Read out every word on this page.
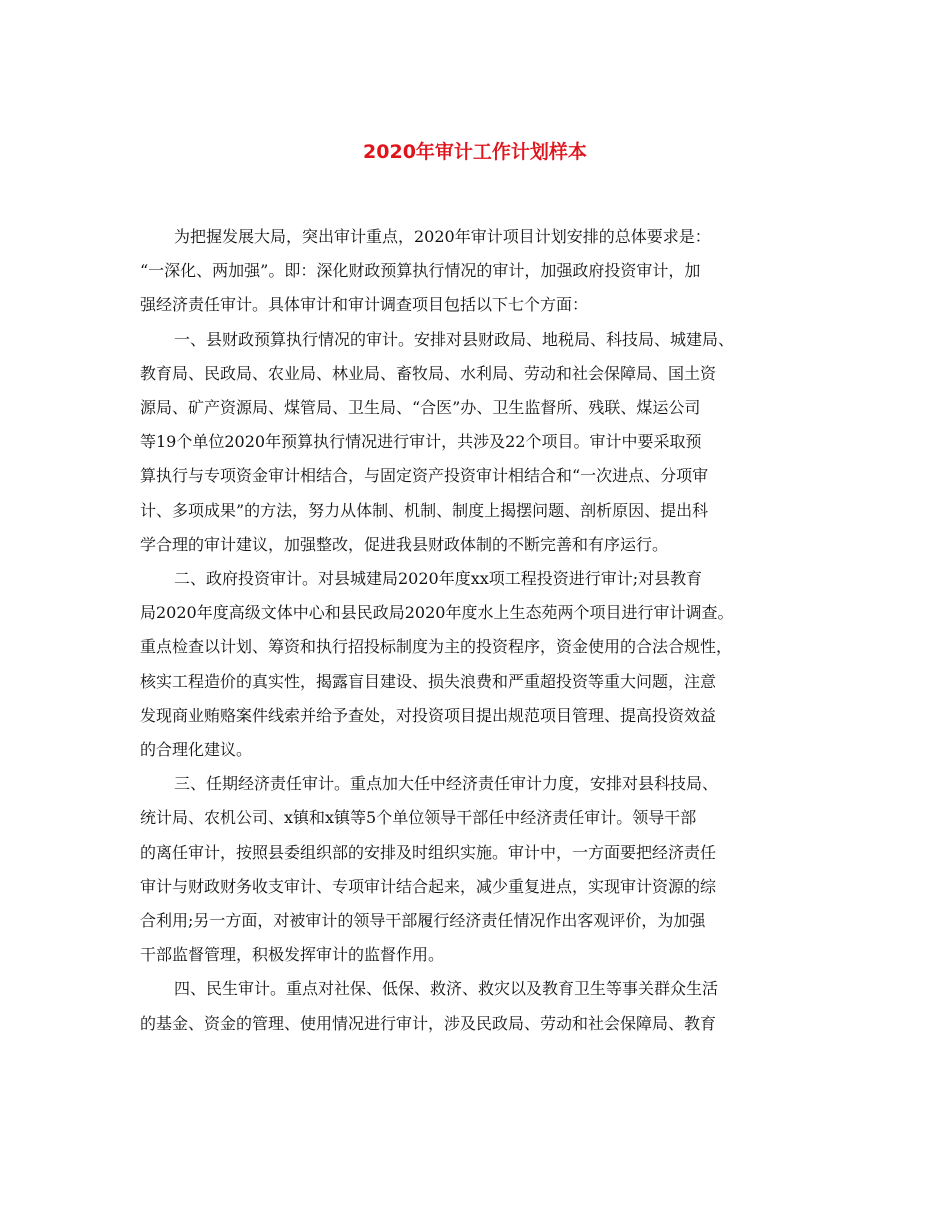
2020年审计工作计划样本

为把握发展大局，突出审计重点，2020年审计项目计划安排的总体要求是：
“一深化、两加强”。即：深化财政预算执行情况的审计，加强政府投资审计，加
强经济责任审计。具体审计和审计调查项目包括以下七个方面：

一、县财政预算执行情况的审计。安排对县财政局、地税局、科技局、城建局、
教育局、民政局、农业局、林业局、畜牧局、水利局、劳动和社会保障局、国土资
源局、矿产资源局、煤管局、卫生局、“合医”办、卫生监督所、残联、煤运公司
等19个单位2020年预算执行情况进行审计，共涉及22个项目。审计中要采取预
算执行与专项资金审计相结合，与固定资产投资审计相结合和“一次进点、分项审
计、多项成果”的方法，努力从体制、机制、制度上揭摆问题、剖析原因、提出科
学合理的审计建议，加强整改，促进我县财政体制的不断完善和有序运行。

二、政府投资审计。对县城建局2020年度xx项工程投资进行审计;对县教育
局2020年度高级文体中心和县民政局2020年度水上生态苑两个项目进行审计调查。
重点检查以计划、筹资和执行招投标制度为主的投资程序，资金使用的合法合规性，
核实工程造价的真实性，揭露盲目建设、损失浪费和严重超投资等重大问题，注意
发现商业贿赂案件线索并给予查处，对投资项目提出规范项目管理、提高投资效益
的合理化建议。

三、任期经济责任审计。重点加大任中经济责任审计力度，安排对县科技局、
统计局、农机公司、x镇和x镇等5个单位领导干部任中经济责任审计。领导干部
的离任审计，按照县委组织部的安排及时组织实施。审计中，一方面要把经济责任
审计与财政财务收支审计、专项审计结合起来，减少重复进点，实现审计资源的综
合利用;另一方面，对被审计的领导干部履行经济责任情况作出客观评价，为加强
干部监督管理，积极发挥审计的监督作用。

四、民生审计。重点对社保、低保、救济、救灾以及教育卫生等事关群众生活
的基金、资金的管理、使用情况进行审计，涉及民政局、劳动和社会保障局、教育
